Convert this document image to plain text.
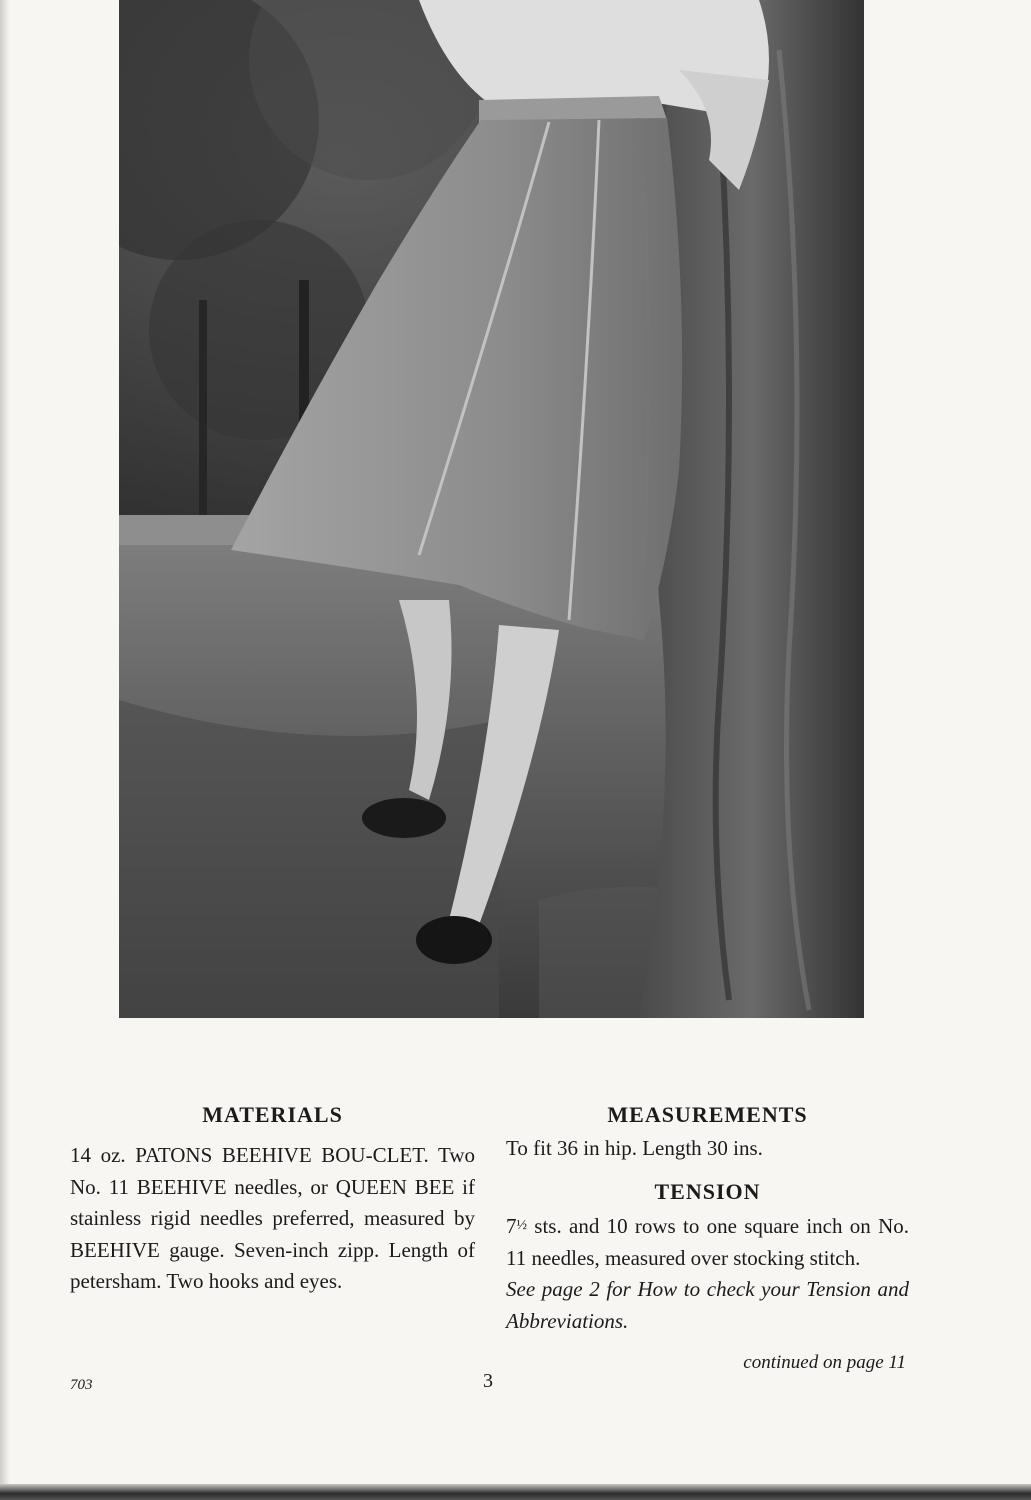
MATERIALS

14 oz. PATONS BEEHIVE BOU-CLET. Two No. 11 BEEHIVE needles, or QUEEN BEE if stainless rigid needles preferred, measured by BEEHIVE gauge. Seven-inch zipp. Length of petersham. Two hooks and eyes.

MEASUREMENTS

To fit 36 in hip. Length 30 ins.

TENSION

7½ sts. and 10 rows to one square inch on No. 11 needles, measured over stocking stitch.

See page 2 for How to check your Tension and Abbreviations.

703	3
continued on page 11
